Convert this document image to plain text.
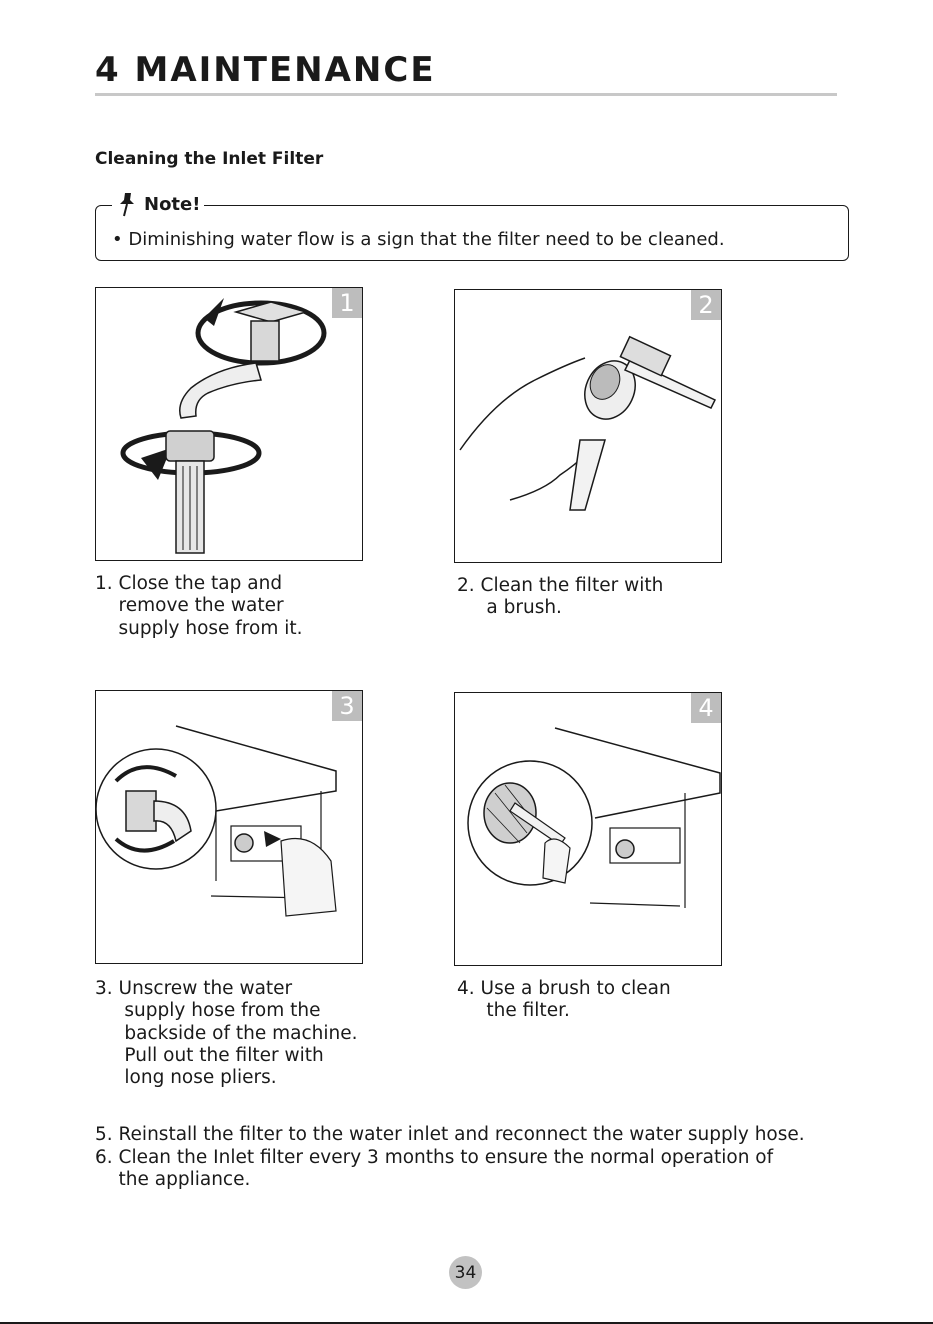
4 MAINTENANCE
Cleaning the Inlet Filter
Note!
• Diminishing water flow is a sign that the filter need to be cleaned.
1
1. Close the tap and
remove the water
supply hose from it.
2
2. Clean the filter with
a brush.
3
3. Unscrew the water
supply hose from the
backside of the machine.
Pull out the filter with
long nose pliers.
4
4. Use a brush to clean
the filter.
5. Reinstall the filter to the water inlet and reconnect the water supply hose.
6. Clean the Inlet filter every 3 months to ensure the normal operation of
the appliance.
34
